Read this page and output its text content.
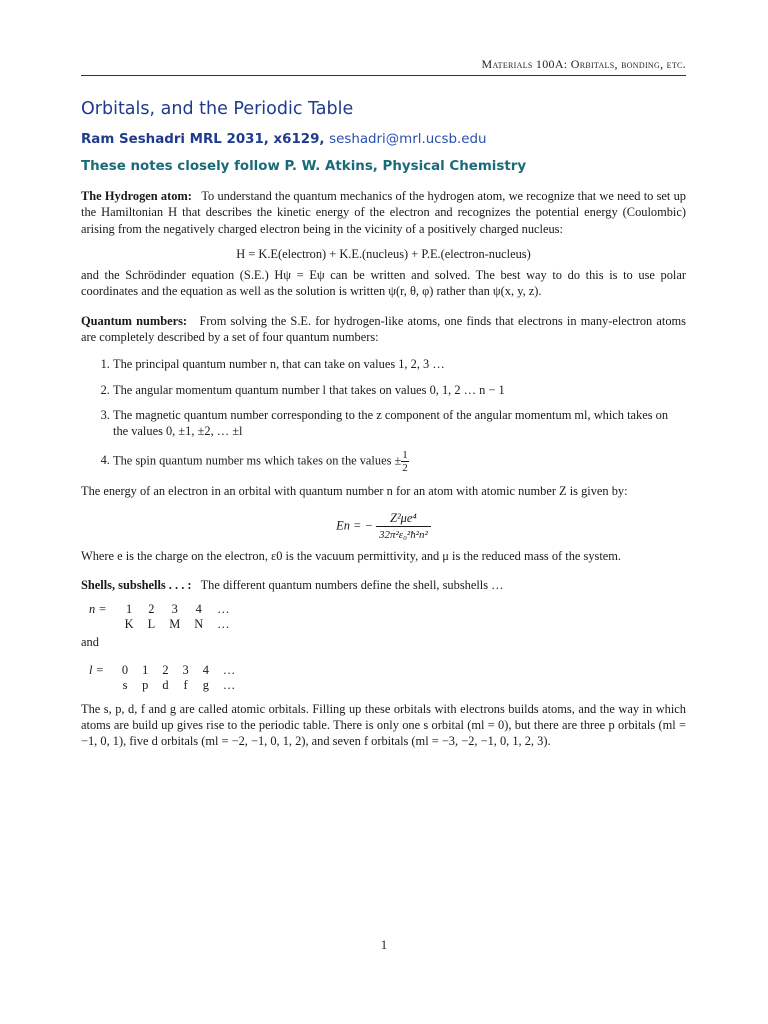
Materials 100A: Orbitals, bonding, etc.
Orbitals, and the Periodic Table
Ram Seshadri MRL 2031, x6129, seshadri@mrl.ucsb.edu
These notes closely follow P. W. Atkins, Physical Chemistry

The Hydrogen atom: To understand the quantum mechanics of the hydrogen atom, we recognize that we need to set up the Hamiltonian H that describes the kinetic energy of the electron and recognizes the potential energy (Coulombic) arising from the negatively charged electron being in the vicinity of a positively charged nucleus:

H = K.E(electron) + K.E.(nucleus) + P.E.(electron-nucleus)

and the Schrödinder equation (S.E.) Hψ = Eψ can be written and solved. The best way to do this is to use polar coordinates and the equation as well as the solution is written ψ(r, θ, φ) rather than ψ(x, y, z).

Quantum numbers: From solving the S.E. for hydrogen-like atoms, one finds that electrons in many-electron atoms are completely described by a set of four quantum numbers:

1. The principal quantum number n, that can take on values 1, 2, 3 …
2. The angular momentum quantum number l that takes on values 0, 1, 2 … n − 1
3. The magnetic quantum number corresponding to the z component of the angular momentum ml, which takes on the values 0, ±1, ±2, … ±l
4. The spin quantum number ms which takes on the values ± $\frac{1}{2}$

The energy of an electron in an orbital with quantum number n for an atom with atomic number Z is given by:

En = − $\frac{\text{Z²μe⁴}}{\text{32π²ε₀²ħ²n²}}$

Where e is the charge on the electron, ε0 is the vacuum permittivity, and μ is the reduced mass of the system.

Shells, subshells . . . : The different quantum numbers define the shell, subshells …

n =	1	2	3	4	…
	K	L	M	N	…
and
l =	0	1	2	3	4	…
	s	p	d	f	g	…

The s, p, d, f and g are called atomic orbitals. Filling up these orbitals with electrons builds atoms, and the way in which atoms are build up gives rise to the periodic table. There is only one s orbital (ml = 0), but there are three p orbitals (ml = −1, 0, 1), five d orbitals (ml = −2, −1, 0, 1, 2), and seven f orbitals (ml = −3, −2, −1, 0, 1, 2, 3).

1
